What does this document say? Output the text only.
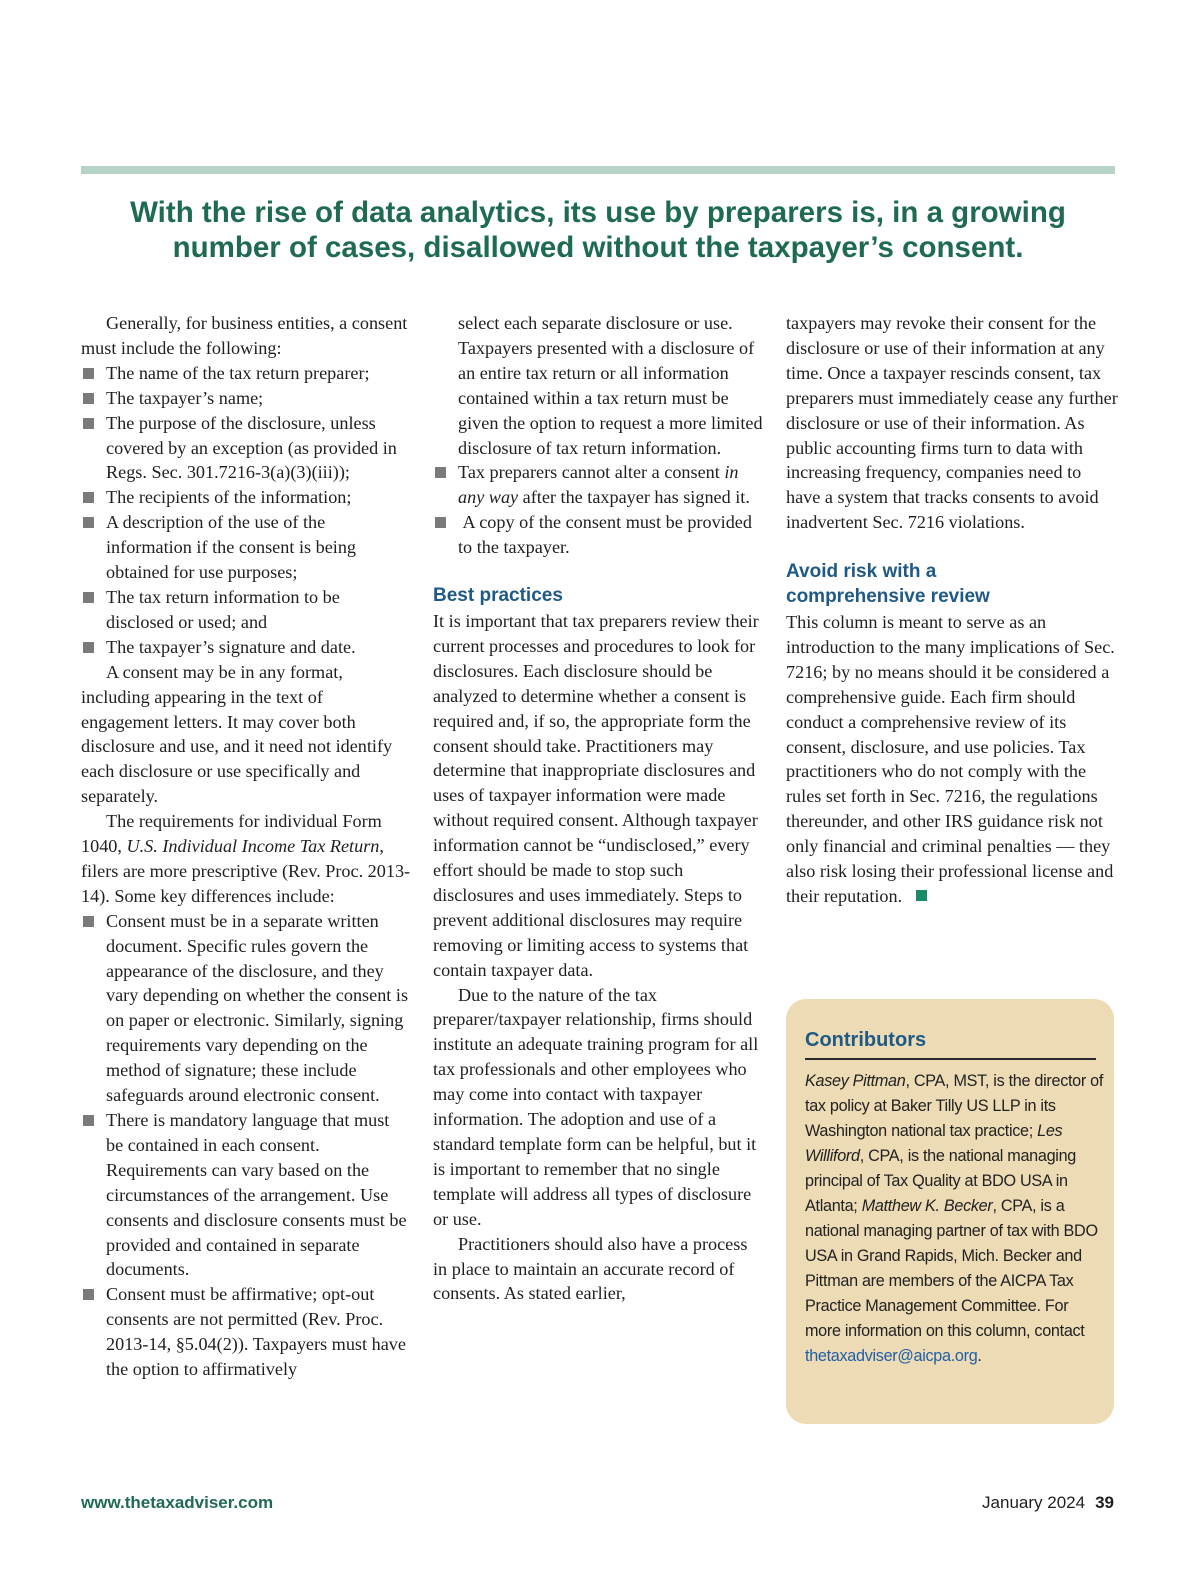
With the rise of data analytics, its use by preparers is, in a growing
number of cases, disallowed without the taxpayer’s consent.

Generally, for business entities, a consent must include the following:

The name of the tax return preparer;
The taxpayer’s name;
The purpose of the disclosure, unless covered by an exception (as provided in Regs. Sec. 301.7216-3(a)(3)(iii));
The recipients of the information;
A description of the use of the information if the consent is being obtained for use purposes;
The tax return information to be disclosed or used; and
The taxpayer’s signature and date.

A consent may be in any format, including appearing in the text of engagement letters. It may cover both disclosure and use, and it need not identify each disclosure or use specifically and separately.

The requirements for individual Form 1040, U.S. Individual Income Tax Return, filers are more prescriptive (Rev. Proc. 2013-14). Some key differences include:

Consent must be in a separate written document. Specific rules govern the appearance of the disclosure, and they vary depending on whether the consent is on paper or electronic. Similarly, signing requirements vary depending on the method of signature; these include safeguards around electronic consent.
There is mandatory language that must be contained in each consent. Requirements can vary based on the circumstances of the arrangement. Use consents and disclosure consents must be provided and contained in separate documents.
Consent must be affirmative; opt-out consents are not permitted (Rev. Proc. 2013-14, §5.04(2)). Taxpayers must have the option to affirmatively

select each separate disclosure or use. Taxpayers presented with a disclosure of an entire tax return or all information contained within a tax return must be given the option to request a more limited disclosure of tax return information.

Tax preparers cannot alter a consent in any way after the taxpayer has signed it.
A copy of the consent must be provided to the taxpayer.
Best practices

It is important that tax preparers review their current processes and procedures to look for disclosures. Each disclosure should be analyzed to determine whether a consent is required and, if so, the appropriate form the consent should take. Practitioners may determine that inappropriate disclosures and uses of taxpayer information were made without required consent. Although taxpayer information cannot be “undisclosed,” every effort should be made to stop such disclosures and uses immediately. Steps to prevent additional disclosures may require removing or limiting access to systems that contain taxpayer data.

Due to the nature of the tax preparer/taxpayer relationship, firms should institute an adequate training program for all tax professionals and other employees who may come into contact with taxpayer information. The adoption and use of a standard template form can be helpful, but it is important to remember that no single template will address all types of disclosure or use.

Practitioners should also have a process in place to maintain an accurate record of consents. As stated earlier,

taxpayers may revoke their consent for the disclosure or use of their information at any time. Once a taxpayer rescinds consent, tax preparers must immediately cease any further disclosure or use of their information. As public accounting firms turn to data with increasing frequency, companies need to have a system that tracks consents to avoid inadvertent Sec. 7216 violations.

Avoid risk with a
comprehensive review

This column is meant to serve as an introduction to the many implications of Sec. 7216; by no means should it be considered a comprehensive guide. Each firm should conduct a comprehensive review of its consent, disclosure, and use policies. Tax practitioners who do not comply with the rules set forth in Sec. 7216, the regulations thereunder, and other IRS guidance risk not only financial and criminal penalties — they also risk losing their professional license and their reputation.

Contributors
Kasey Pittman, CPA, MST, is the director of tax policy at Baker Tilly US LLP in its Washington national tax practice; Les Williford, CPA, is the national managing principal of Tax Quality at BDO USA in Atlanta; Matthew K. Becker, CPA, is a national managing partner of tax with BDO USA in Grand Rapids, Mich. Becker and Pittman are members of the AICPA Tax Practice Management Committee. For more information on this column, contact thetaxadviser@aicpa.org.
www.thetaxadviser.com	January 2024 39
